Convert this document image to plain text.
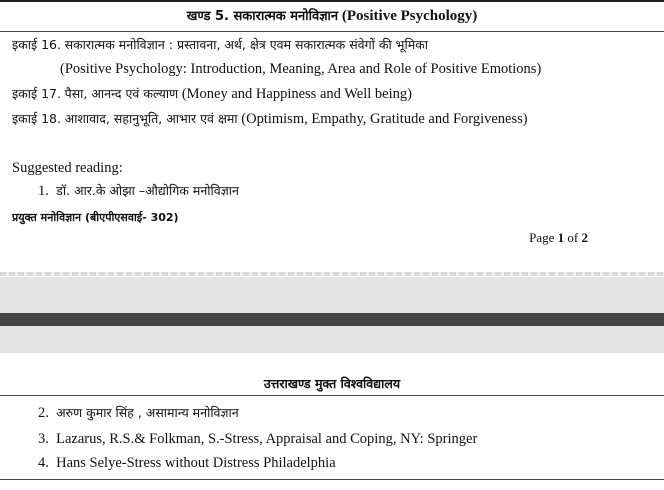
खण्ड 5. सकारात्मक मनोविज्ञान (Positive Psychology)
इकाई 16. सकारात्मक मनोविज्ञान : प्रस्तावना, अर्थ, क्षेत्र एवम सकारात्मक संवेगों की भूमिका
(Positive Psychology: Introduction, Meaning, Area and Role of Positive Emotions)
इकाई 17. पैसा, आनन्द एवं कल्याण (Money and Happiness and Well being)
इकाई 18. आशावाद, सहानुभूति, आभार एवं क्षमा (Optimism, Empathy, Gratitude and Forgiveness)
Suggested reading:
1. डॉ. आर.के ओझा –औद्योगिक मनोविज्ञान
प्रयुक्त मनोविज्ञान (बीएपीएसवाई- 302)
Page 1 of 2
उत्तराखण्ड मुक्त विश्वविद्यालय
2. अरुण कुमार सिंह , असामान्य मनोविज्ञान
3. Lazarus, R.S.& Folkman, S.-Stress, Appraisal and Coping, NY: Springer
4. Hans Selye-Stress without Distress Philadelphia
